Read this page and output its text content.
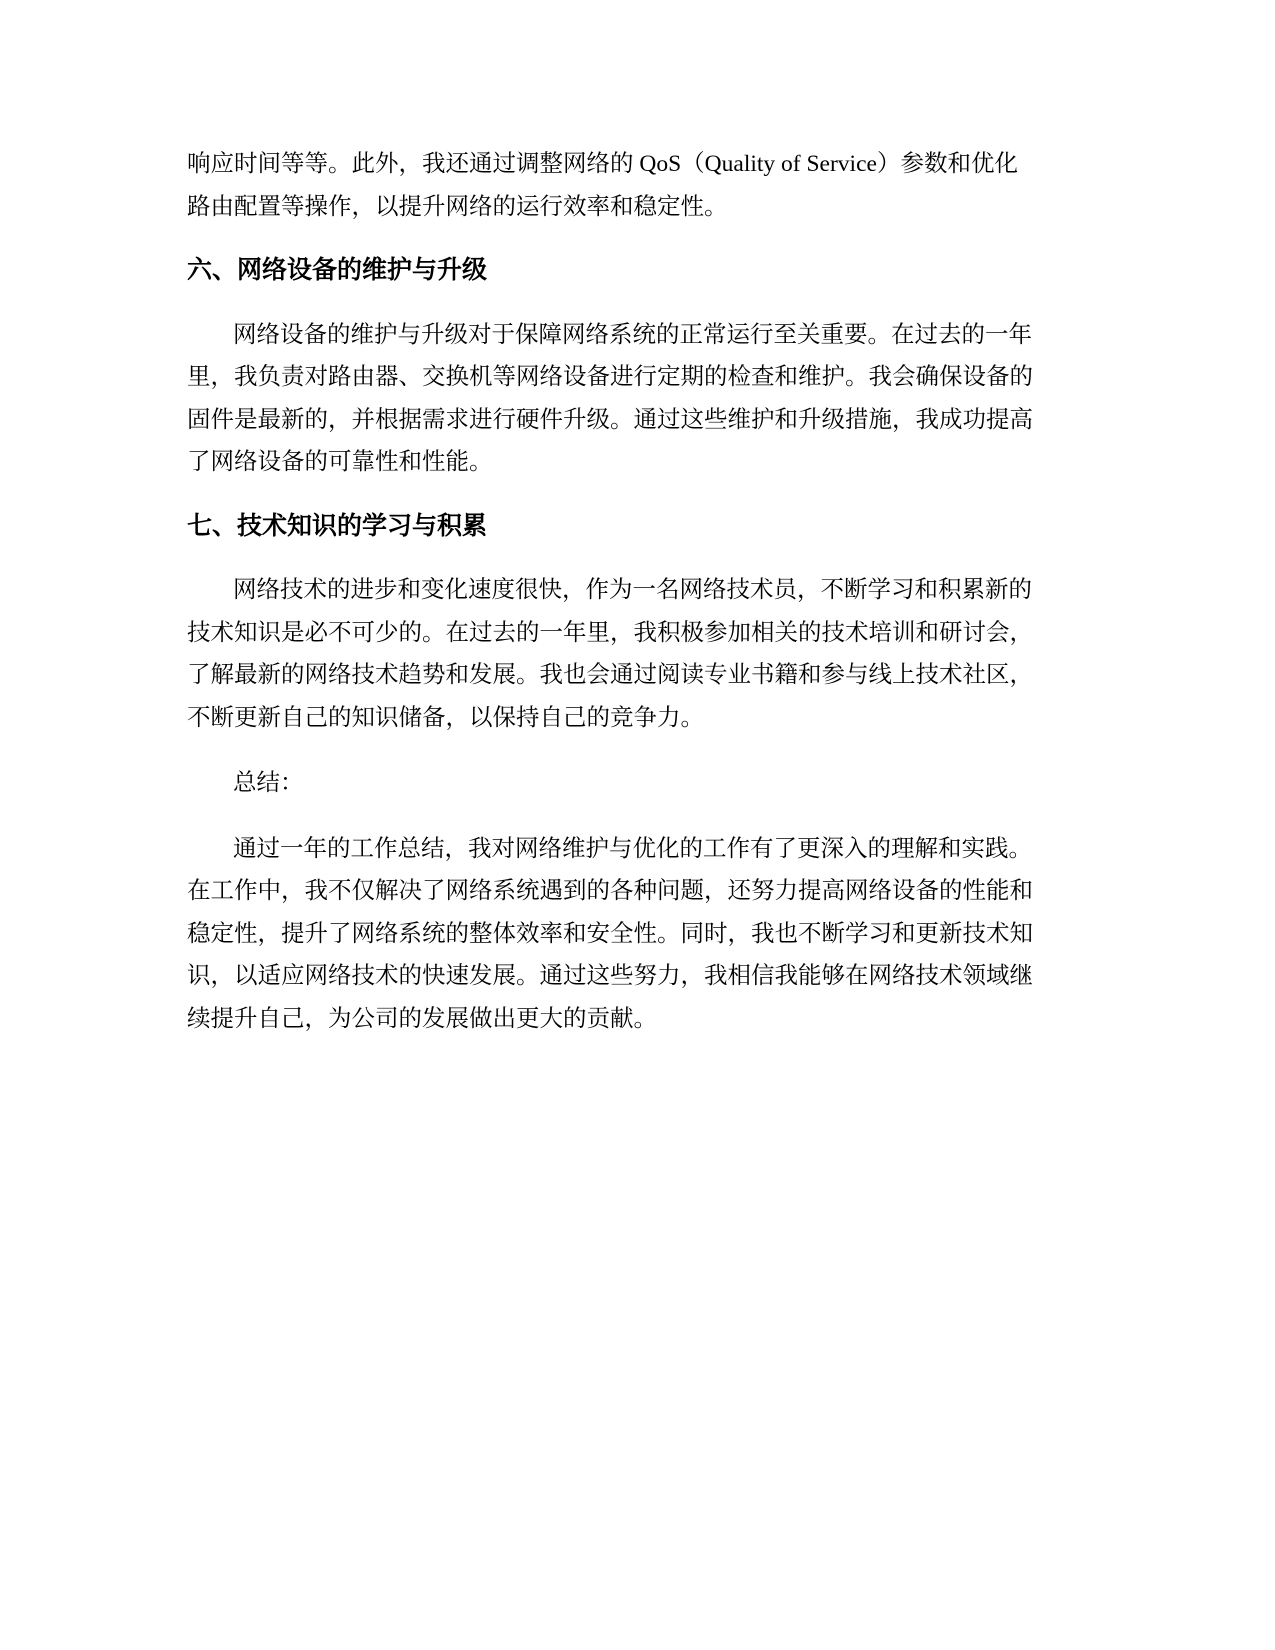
响应时间等等。此外，我还通过调整网络的 QoS（Quality of Service）参数和优化
路由配置等操作，以提升网络的运行效率和稳定性。
六、网络设备的维护与升级
网络设备的维护与升级对于保障网络系统的正常运行至关重要。在过去的一年
里，我负责对路由器、交换机等网络设备进行定期的检查和维护。我会确保设备的
固件是最新的，并根据需求进行硬件升级。通过这些维护和升级措施，我成功提高
了网络设备的可靠性和性能。
七、技术知识的学习与积累
网络技术的进步和变化速度很快，作为一名网络技术员，不断学习和积累新的
技术知识是必不可少的。在过去的一年里，我积极参加相关的技术培训和研讨会，
了解最新的网络技术趋势和发展。我也会通过阅读专业书籍和参与线上技术社区，
不断更新自己的知识储备，以保持自己的竞争力。
总结：
通过一年的工作总结，我对网络维护与优化的工作有了更深入的理解和实践。
在工作中，我不仅解决了网络系统遇到的各种问题，还努力提高网络设备的性能和
稳定性，提升了网络系统的整体效率和安全性。同时，我也不断学习和更新技术知
识，以适应网络技术的快速发展。通过这些努力，我相信我能够在网络技术领域继
续提升自己，为公司的发展做出更大的贡献。
